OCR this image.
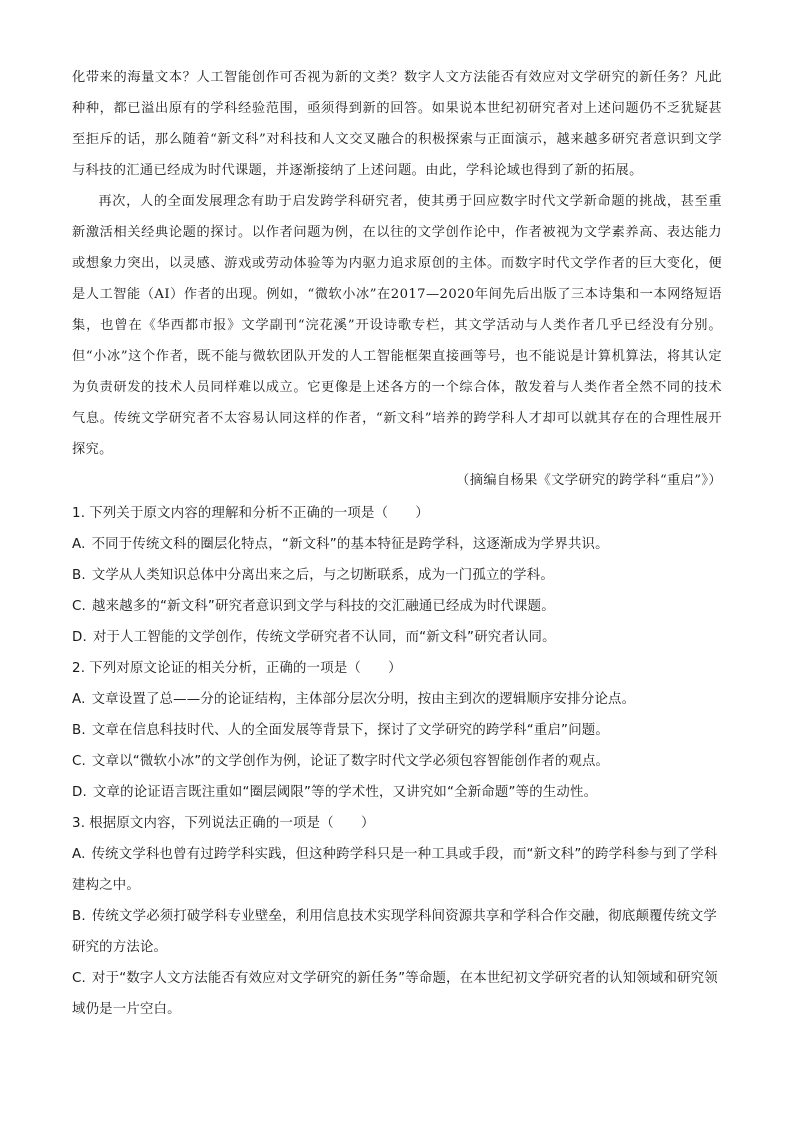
化带来的海量文本？人工智能创作可否视为新的文类？数字人文方法能否有效应对文学研究的新任务？凡此种种，都已溢出原有的学科经验范围，亟须得到新的回答。如果说本世纪初研究者对上述问题仍不乏犹疑甚至拒斥的话，那么随着“新文科”对科技和人文交叉融合的积极探索与正面演示，越来越多研究者意识到文学与科技的汇通已经成为时代课题，并逐渐接纳了上述问题。由此，学科论域也得到了新的拓展。

再次，人的全面发展理念有助于启发跨学科研究者，使其勇于回应数字时代文学新命题的挑战，甚至重新激活相关经典论题的探讨。以作者问题为例，在以往的文学创作论中，作者被视为文学素养高、表达能力或想象力突出，以灵感、游戏或劳动体验等为内驱力追求原创的主体。而数字时代文学作者的巨大变化，便是人工智能（AI）作者的出现。例如，“微软小冰”在2017—2020年间先后出版了三本诗集和一本网络短语集，也曾在《华西都市报》文学副刊“浣花溪”开设诗歌专栏，其文学活动与人类作者几乎已经没有分别。但“小冰”这个作者，既不能与微软团队开发的人工智能框架直接画等号，也不能说是计算机算法，将其认定为负责研发的技术人员同样难以成立。它更像是上述各方的一个综合体，散发着与人类作者全然不同的技术气息。传统文学研究者不太容易认同这样的作者，“新文科”培养的跨学科人才却可以就其存在的合理性展开探究。

（摘编自杨果《文学研究的跨学科“重启”》）

1. 下列关于原文内容的理解和分析不正确的一项是（　　）

A. 不同于传统文科的圈层化特点，“新文科”的基本特征是跨学科，这逐渐成为学界共识。

B. 文学从人类知识总体中分离出来之后，与之切断联系，成为一门孤立的学科。

C. 越来越多的“新文科”研究者意识到文学与科技的交汇融通已经成为时代课题。

D. 对于人工智能的文学创作，传统文学研究者不认同，而“新文科”研究者认同。

2. 下列对原文论证的相关分析，正确的一项是（　　）

A. 文章设置了总——分的论证结构，主体部分层次分明，按由主到次的逻辑顺序安排分论点。

B. 文章在信息科技时代、人的全面发展等背景下，探讨了文学研究的跨学科“重启”问题。

C. 文章以“微软小冰”的文学创作为例，论证了数字时代文学必须包容智能创作者的观点。

D. 文章的论证语言既注重如“圈层阈限”等的学术性，又讲究如“全新命题”等的生动性。

3. 根据原文内容，下列说法正确的一项是（　　）

A. 传统文学科也曾有过跨学科实践，但这种跨学科只是一种工具或手段，而“新文科”的跨学科参与到了学科建构之中。

B. 传统文学必须打破学科专业壁垒，利用信息技术实现学科间资源共享和学科合作交融，彻底颠覆传统文学研究的方法论。

C. 对于“数字人文方法能否有效应对文学研究的新任务”等命题，在本世纪初文学研究者的认知领域和研究领域仍是一片空白。
